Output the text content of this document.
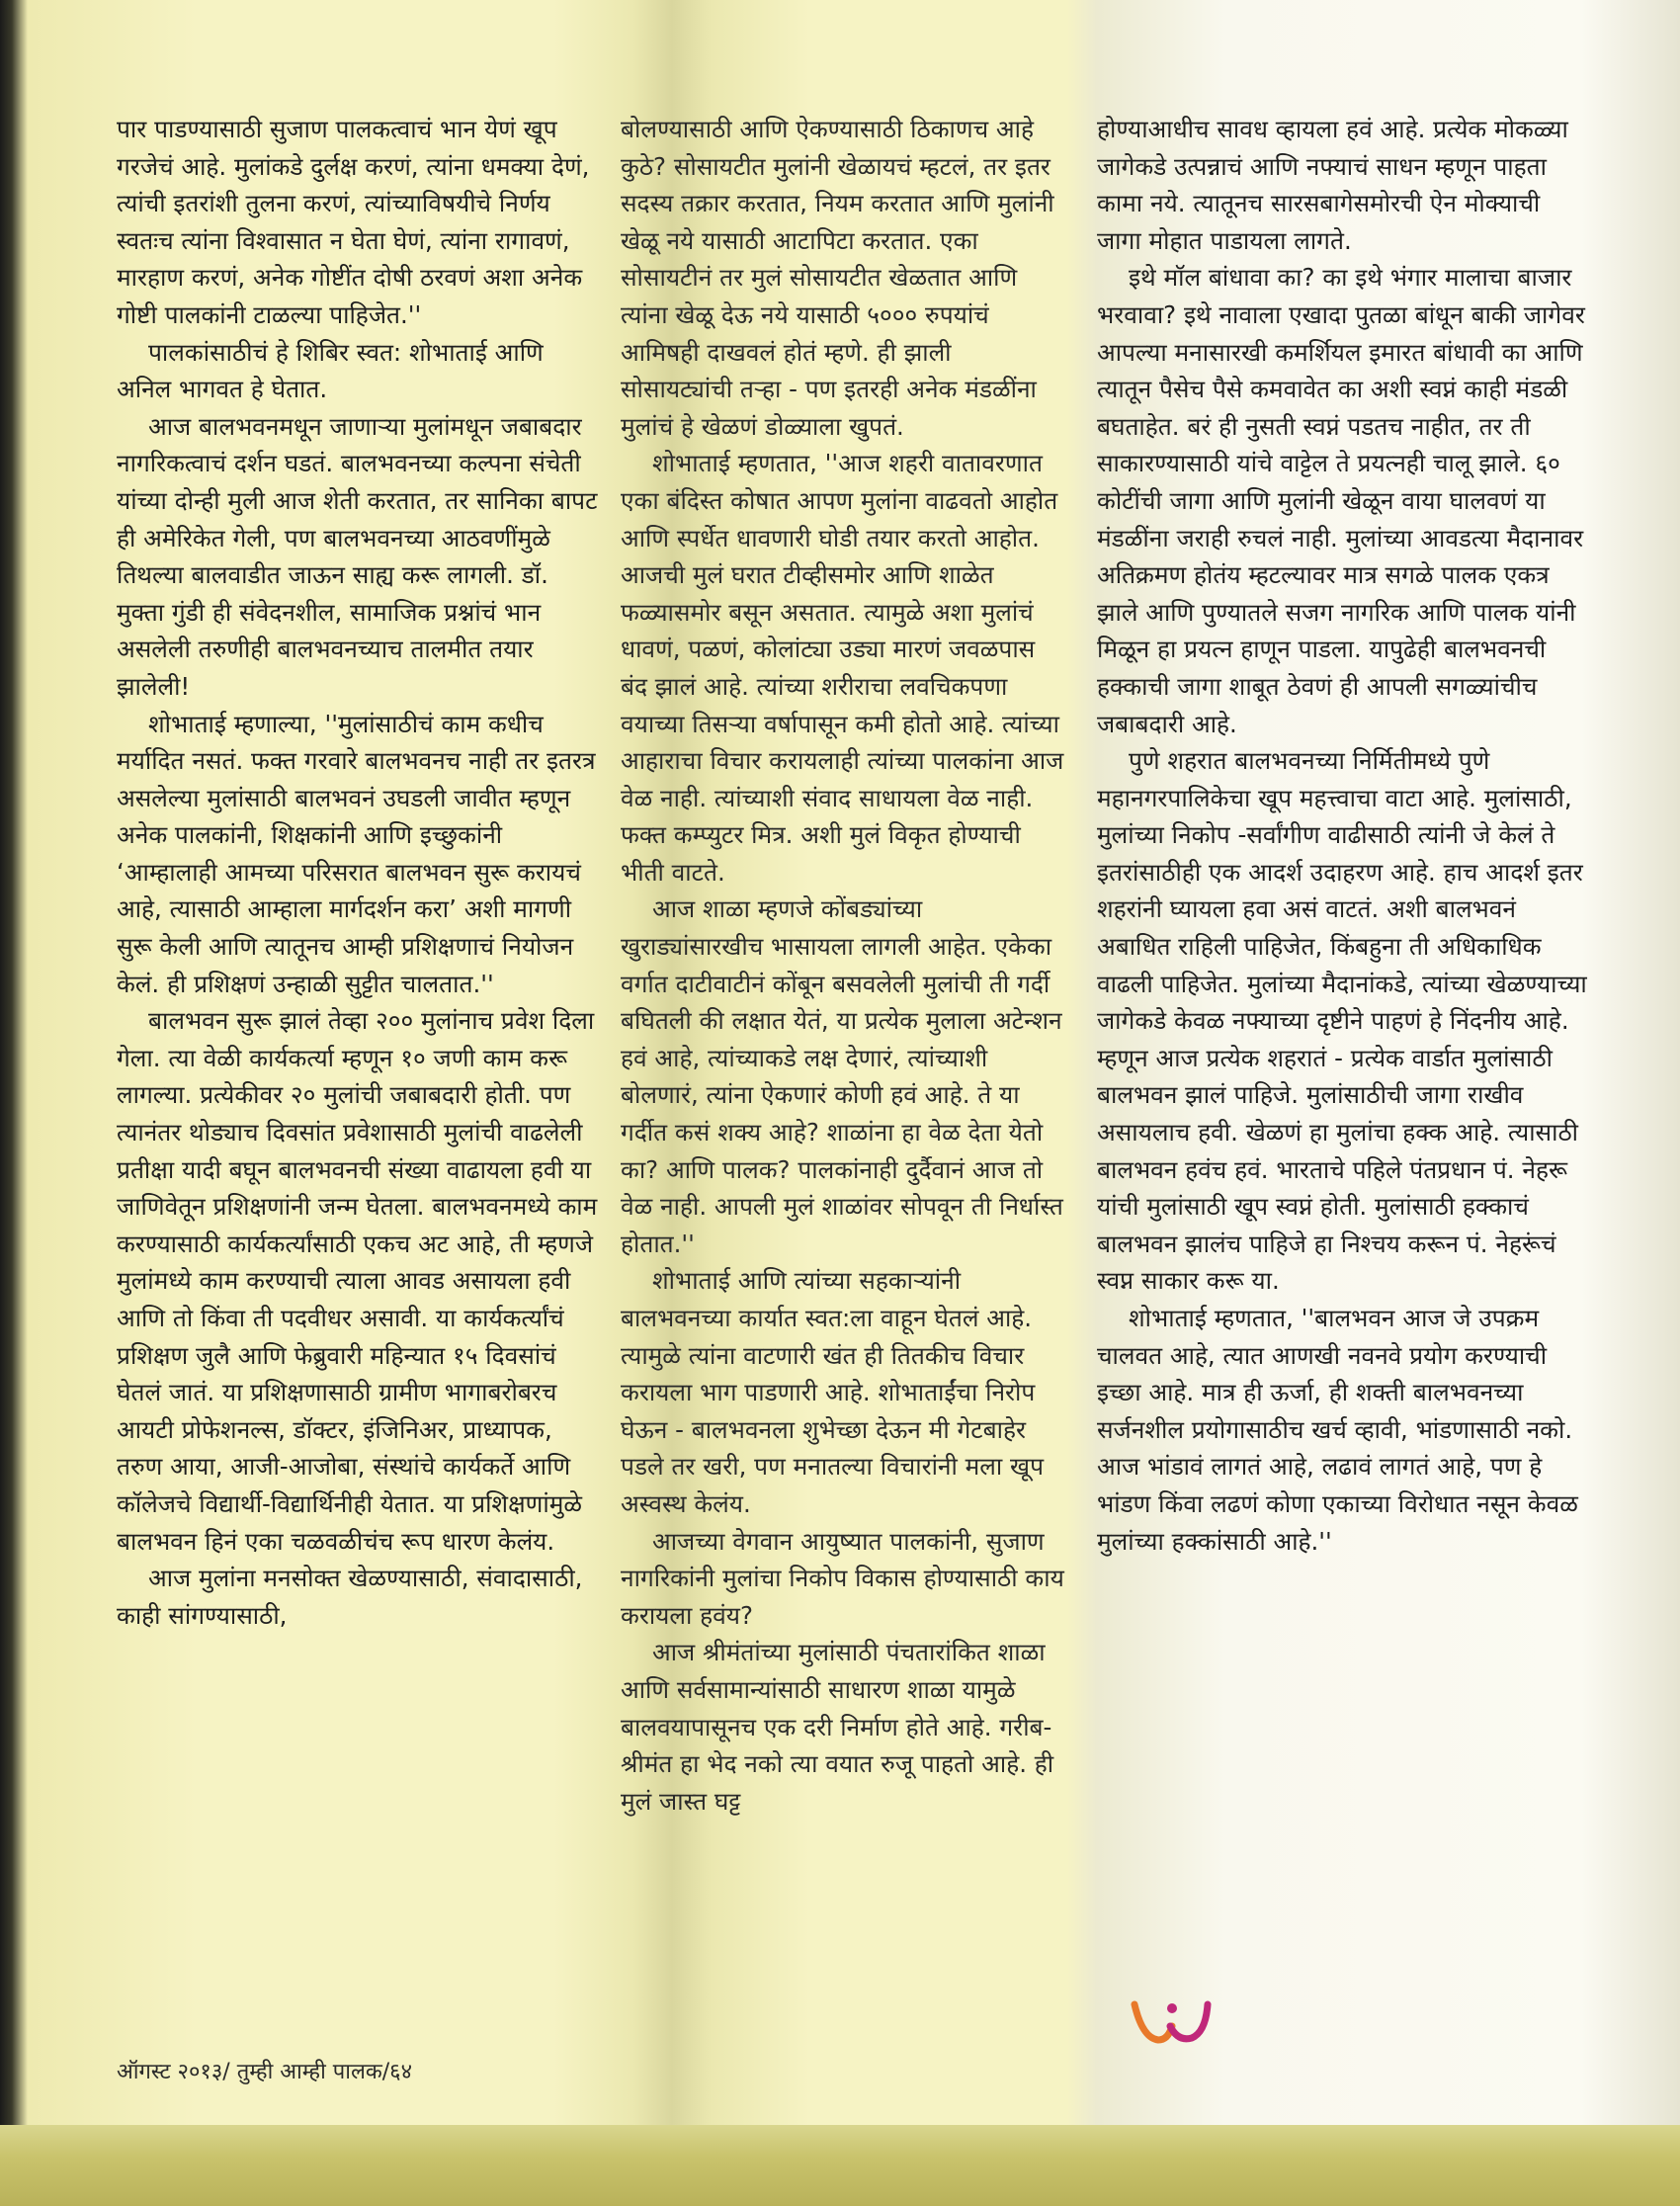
पार पाडण्यासाठी सुजाण पालकत्वाचं भान येणं खूप गरजेचं आहे. मुलांकडे दुर्लक्ष करणं, त्यांना धमक्या देणं, त्यांची इतरांशी तुलना करणं, त्यांच्याविषयीचे निर्णय स्वतःच त्यांना विश्वासात न घेता घेणं, त्यांना रागावणं, मारहाण करणं, अनेक गोष्टींत दोषी ठरवणं अशा अनेक गोष्टी पालकांनी टाळल्या पाहिजेत.''

पालकांसाठीचं हे शिबिर स्वत: शोभाताई आणि अनिल भागवत हे घेतात.

आज बालभवनमधून जाणाऱ्या मुलांमधून जबाबदार नागरिकत्वाचं दर्शन घडतं. बालभवनच्या कल्पना संचेती यांच्या दोन्ही मुली आज शेती करतात, तर सानिका बापट ही अमेरिकेत गेली, पण बालभवनच्या आठवणींमुळे तिथल्या बालवाडीत जाऊन साह्य करू लागली. डॉ. मुक्ता गुंडी ही संवेदनशील, सामाजिक प्रश्नांचं भान असलेली तरुणीही बालभवनच्याच तालमीत तयार झालेली!

शोभाताई म्हणाल्या, ''मुलांसाठीचं काम कधीच मर्यादित नसतं. फक्त गरवारे बालभवनच नाही तर इतरत्र असलेल्या मुलांसाठी बालभवनं उघडली जावीत म्हणून अनेक पालकांनी, शिक्षकांनी आणि इच्छुकांनी ‘आम्हालाही आमच्या परिसरात बालभवन सुरू करायचं आहे, त्यासाठी आम्हाला मार्गदर्शन करा’ अशी मागणी सुरू केली आणि त्यातूनच आम्ही प्रशिक्षणाचं नियोजन केलं. ही प्रशिक्षणं उन्हाळी सुट्टीत चालतात.''

बालभवन सुरू झालं तेव्हा २०० मुलांनाच प्रवेश दिला गेला. त्या वेळी कार्यकर्त्या म्हणून १० जणी काम करू लागल्या. प्रत्येकीवर २० मुलांची जबाबदारी होती. पण त्यानंतर थोड्याच दिवसांत प्रवेशासाठी मुलांची वाढलेली प्रतीक्षा यादी बघून बालभवनची संख्या वाढायला हवी या जाणिवेतून प्रशिक्षणांनी जन्म घेतला. बालभवनमध्ये काम करण्यासाठी कार्यकर्त्यांसाठी एकच अट आहे, ती म्हणजे मुलांमध्ये काम करण्याची त्याला आवड असायला हवी आणि तो किंवा ती पदवीधर असावी. या कार्यकर्त्यांचं प्रशिक्षण जुलै आणि फेब्रुवारी महिन्यात १५ दिवसांचं घेतलं जातं. या प्रशिक्षणासाठी ग्रामीण भागाबरोबरच आयटी प्रोफेशनल्स, डॉक्टर, इंजिनिअर, प्राध्यापक, तरुण आया, आजी-आजोबा, संस्थांचे कार्यकर्ते आणि कॉलेजचे विद्यार्थी-विद्यार्थिनीही येतात. या प्रशिक्षणांमुळे बालभवन हिनं एका चळवळीचंच रूप धारण केलंय.

आज मुलांना मनसोक्त खेळण्यासाठी, संवादासाठी, काही सांगण्यासाठी,

बोलण्यासाठी आणि ऐकण्यासाठी ठिकाणच आहे कुठे? सोसायटीत मुलांनी खेळायचं म्हटलं, तर इतर सदस्य तक्रार करतात, नियम करतात आणि मुलांनी खेळू नये यासाठी आटापिटा करतात. एका सोसायटीनं तर मुलं सोसायटीत खेळतात आणि त्यांना खेळू देऊ नये यासाठी ५००० रुपयांचं आमिषही दाखवलं होतं म्हणे. ही झाली सोसायट्यांची तऱ्हा - पण इतरही अनेक मंडळींना मुलांचं हे खेळणं डोळ्याला खुपतं.

शोभाताई म्हणतात, ''आज शहरी वातावरणात एका बंदिस्त कोषात आपण मुलांना वाढवतो आहोत आणि स्पर्धेत धावणारी घोडी तयार करतो आहोत. आजची मुलं घरात टीव्हीसमोर आणि शाळेत फळ्यासमोर बसून असतात. त्यामुळे अशा मुलांचं धावणं, पळणं, कोलांट्या उड्या मारणं जवळपास बंद झालं आहे. त्यांच्या शरीराचा लवचिकपणा वयाच्या तिसऱ्या वर्षापासून कमी होतो आहे. त्यांच्या आहाराचा विचार करायलाही त्यांच्या पालकांना आज वेळ नाही. त्यांच्याशी संवाद साधायला वेळ नाही. फक्त कम्प्युटर मित्र. अशी मुलं विकृत होण्याची भीती वाटते.

आज शाळा म्हणजे कोंबड्यांच्या खुराड्यांसारखीच भासायला लागली आहेत. एकेका वर्गात दाटीवाटीनं कोंबून बसवलेली मुलांची ती गर्दी बघितली की लक्षात येतं, या प्रत्येक मुलाला अटेन्शन हवं आहे, त्यांच्याकडे लक्ष देणारं, त्यांच्याशी बोलणारं, त्यांना ऐकणारं कोणी हवं आहे. ते या गर्दीत कसं शक्य आहे? शाळांना हा वेळ देता येतो का? आणि पालक? पालकांनाही दुर्दैवानं आज तो वेळ नाही. आपली मुलं शाळांवर सोपवून ती निर्धास्त होतात.''

शोभाताई आणि त्यांच्या सहकाऱ्यांनी बालभवनच्या कार्यात स्वत:ला वाहून घेतलं आहे. त्यामुळे त्यांना वाटणारी खंत ही तितकीच विचार करायला भाग पाडणारी आहे. शोभाताईंचा निरोप घेऊन - बालभवनला शुभेच्छा देऊन मी गेटबाहेर पडले तर खरी, पण मनातल्या विचारांनी मला खूप अस्वस्थ केलंय.

आजच्या वेगवान आयुष्यात पालकांनी, सुजाण नागरिकांनी मुलांचा निकोप विकास होण्यासाठी काय करायला हवंय?

आज श्रीमंतांच्या मुलांसाठी पंचतारांकित शाळा आणि सर्वसामान्यांसाठी साधारण शाळा यामुळे बालवयापासूनच एक दरी निर्माण होते आहे. गरीब-श्रीमंत हा भेद नको त्या वयात रुजू पाहतो आहे. ही मुलं जास्त घट्ट

होण्याआधीच सावध व्हायला हवं आहे. प्रत्येक मोकळ्या जागेकडे उत्पन्नाचं आणि नफ्याचं साधन म्हणून पाहता कामा नये. त्यातूनच सारसबागेसमोरची ऐन मोक्याची जागा मोहात पाडायला लागते.

इथे मॉल बांधावा का? का इथे भंगार मालाचा बाजार भरवावा? इथे नावाला एखादा पुतळा बांधून बाकी जागेवर आपल्या मनासारखी कमर्शियल इमारत बांधावी का आणि त्यातून पैसेच पैसे कमवावेत का अशी स्वप्नं काही मंडळी बघताहेत. बरं ही नुसती स्वप्नं पडतच नाहीत, तर ती साकारण्यासाठी यांचे वाट्टेल ते प्रयत्नही चालू झाले. ६० कोटींची जागा आणि मुलांनी खेळून वाया घालवणं या मंडळींना जराही रुचलं नाही. मुलांच्या आवडत्या मैदानावर अतिक्रमण होतंय म्हटल्यावर मात्र सगळे पालक एकत्र झाले आणि पुण्यातले सजग नागरिक आणि पालक यांनी मिळून हा प्रयत्न हाणून पाडला. यापुढेही बालभवनची हक्काची जागा शाबूत ठेवणं ही आपली सगळ्यांचीच जबाबदारी आहे.

पुणे शहरात बालभवनच्या निर्मितीमध्ये पुणे महानगरपालिकेचा खूप महत्त्वाचा वाटा आहे. मुलांसाठी, मुलांच्या निकोप -सर्वांगीण वाढीसाठी त्यांनी जे केलं ते इतरांसाठीही एक आदर्श उदाहरण आहे. हाच आदर्श इतर शहरांनी घ्यायला हवा असं वाटतं. अशी बालभवनं अबाधित राहिली पाहिजेत, किंबहुना ती अधिकाधिक वाढली पाहिजेत. मुलांच्या मैदानांकडे, त्यांच्या खेळण्याच्या जागेकडे केवळ नफ्याच्या दृष्टीने पाहणं हे निंदनीय आहे. म्हणून आज प्रत्येक शहरातं - प्रत्येक वार्डात मुलांसाठी बालभवन झालं पाहिजे. मुलांसाठीची जागा राखीव असायलाच हवी. खेळणं हा मुलांचा हक्क आहे. त्यासाठी बालभवन हवंच हवं. भारताचे पहिले पंतप्रधान पं. नेहरू यांची मुलांसाठी खूप स्वप्नं होती. मुलांसाठी हक्काचं बालभवन झालंच पाहिजे हा निश्चय करून पं. नेहरूंचं स्वप्न साकार करू या.

शोभाताई म्हणतात, ''बालभवन आज जे उपक्रम चालवत आहे, त्यात आणखी नवनवे प्रयोग करण्याची इच्छा आहे. मात्र ही ऊर्जा, ही शक्ती बालभवनच्या सर्जनशील प्रयोगासाठीच खर्च व्हावी, भांडणासाठी नको. आज भांडावं लागतं आहे, लढावं लागतं आहे, पण हे भांडण किंवा लढणं कोणा एकाच्या विरोधात नसून केवळ मुलांच्या हक्कांसाठी आहे.''

ऑगस्ट २०१३/ तुम्ही आम्ही पालक/६४
